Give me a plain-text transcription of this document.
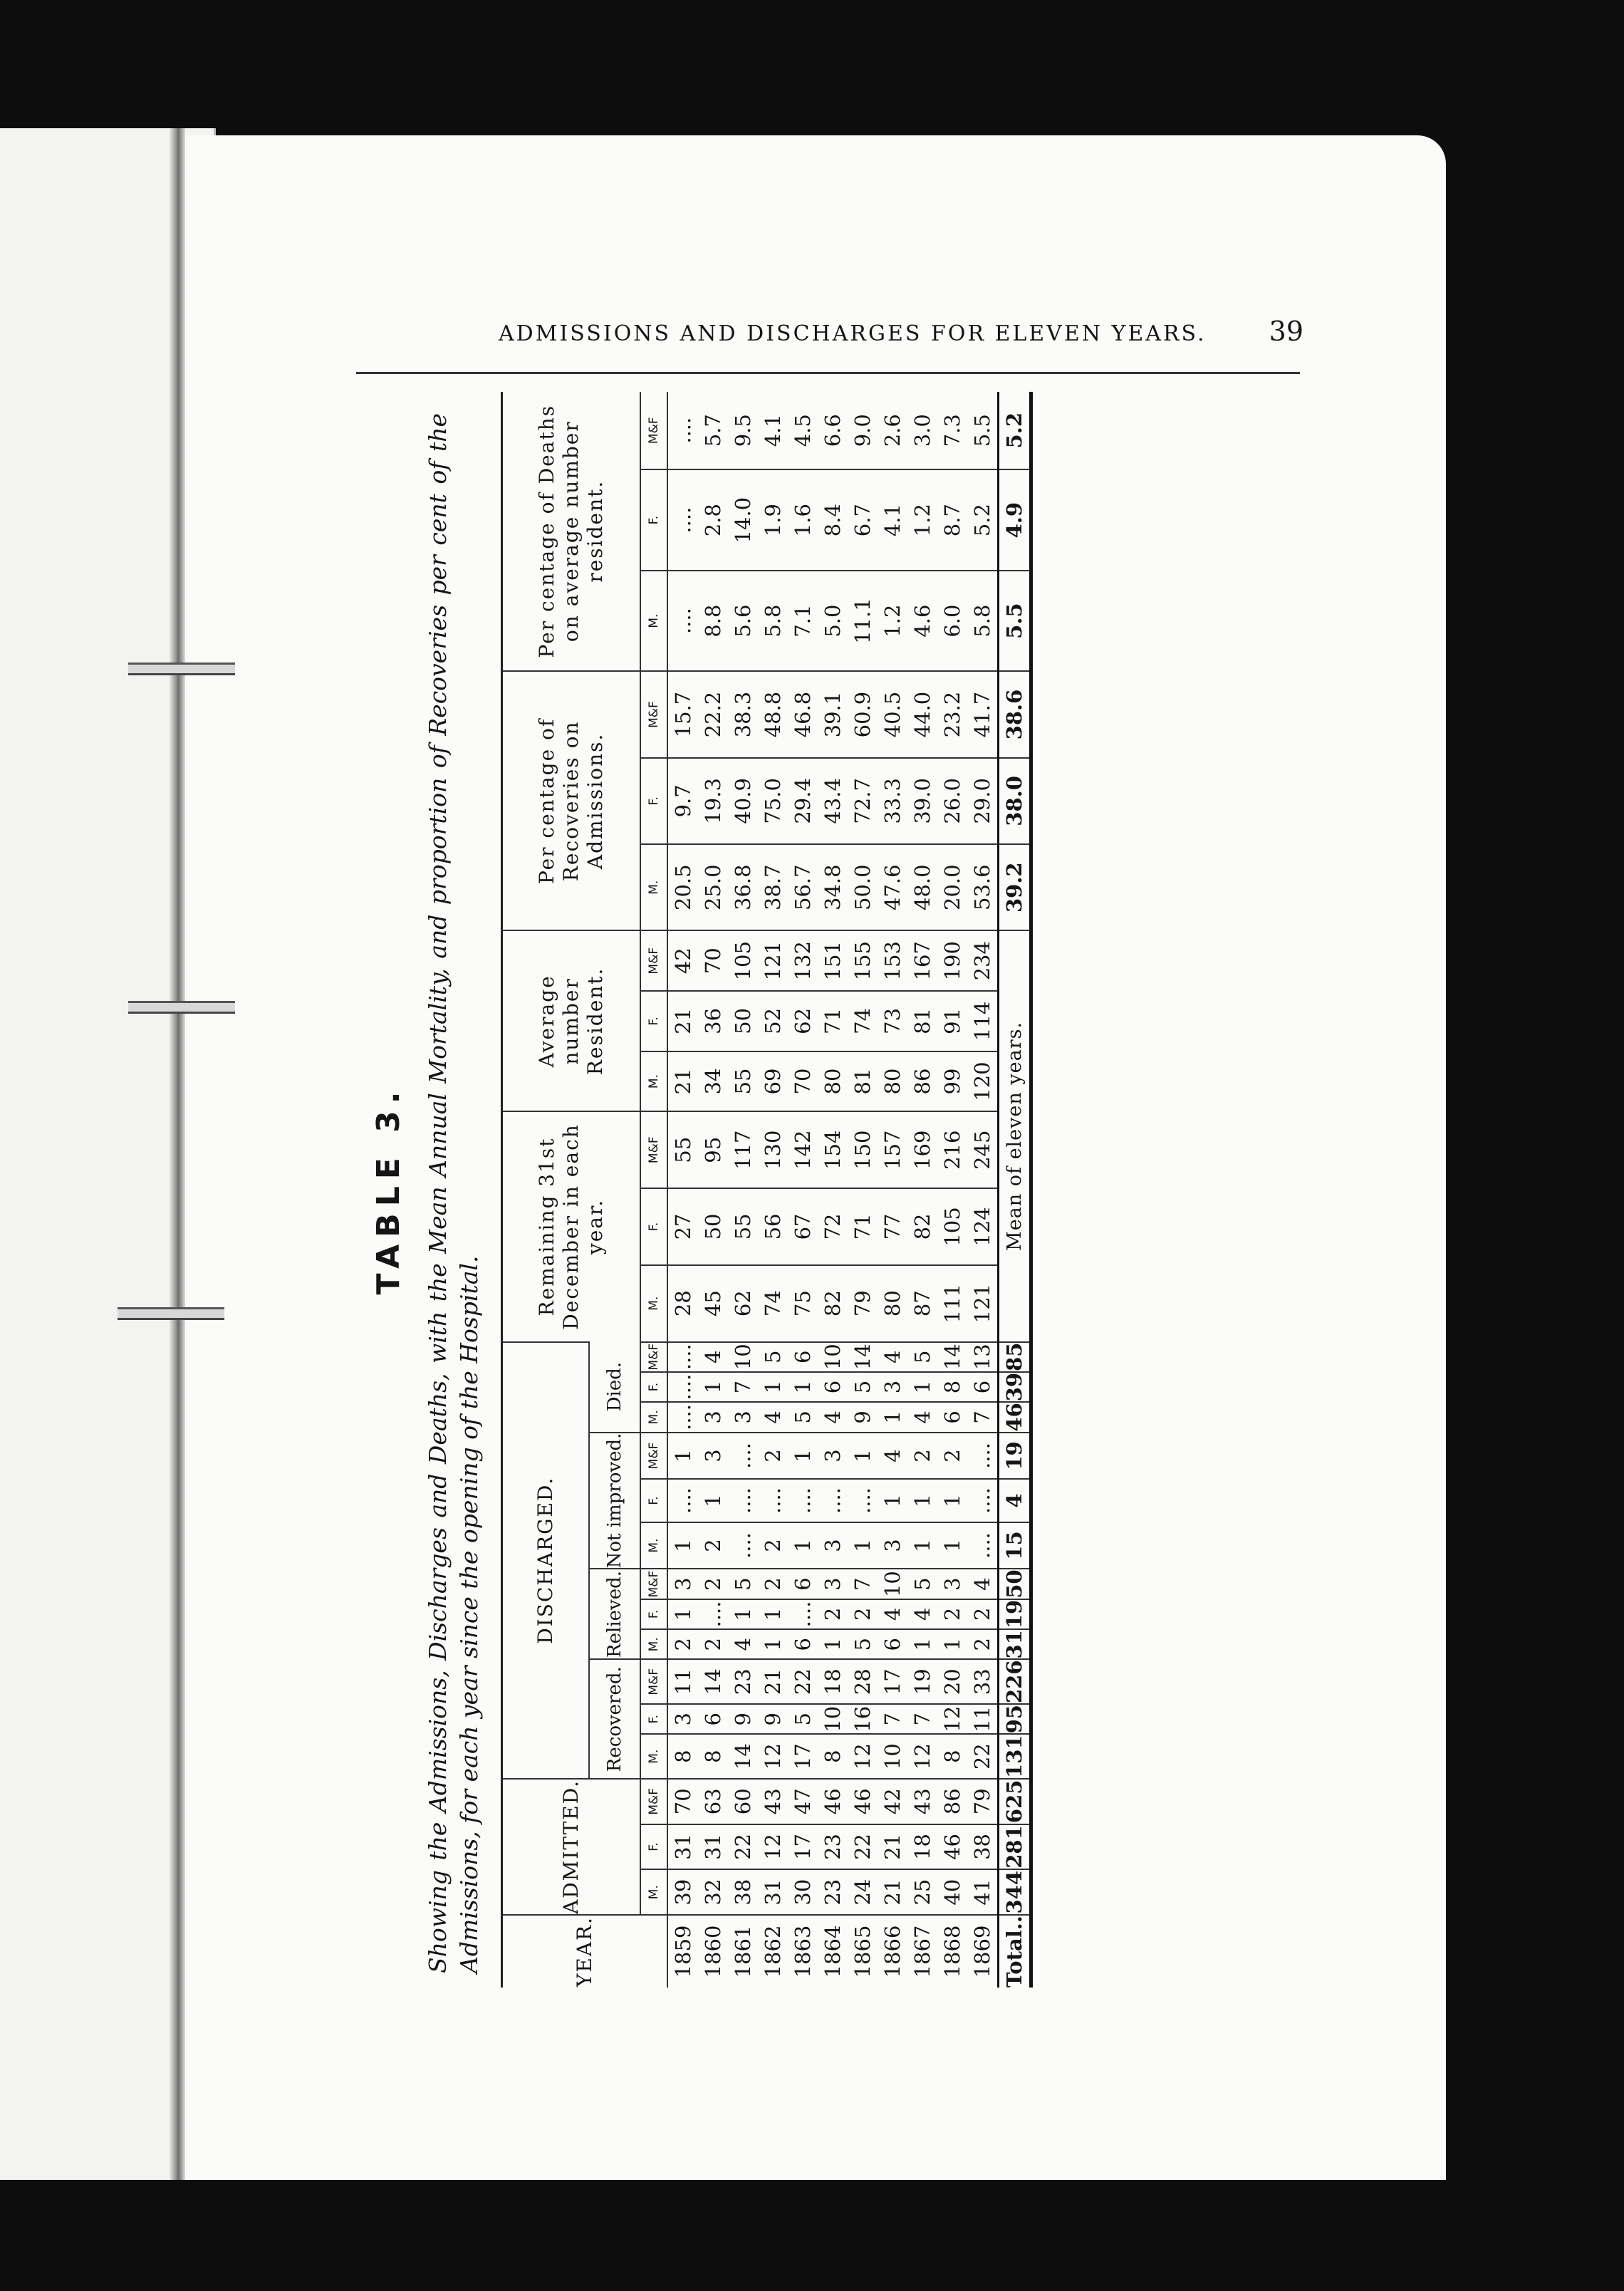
ADMISSIONS AND DISCHARGES FOR ELEVEN YEARS. 39
TABLE 3. Showing the Admissions, Discharges and Deaths, with the Mean Annual Mortality, and proportion of Recoveries per cent of the Admissions, for each year since the opening of the Hospital.	YEAR.	ADMITTED.			DISCHARGED.												Remaining 31st December in each year.			Average number Resident.			Per centage of Recoveries on Admissions.			Per centage of Deaths on average number resident.		
				Recovered.			Relieved.			Not improved.			Died.														
	M.	F.	M&F	M.	F.	M&F	M.	F.	M&F	M.	F.	M&F	M.	F.	M&F	M.	F.	M&F	M.	F.	M&F	M.	F.	M&F	M.	F.	M&F
1859	39	31	70	8	3	11	2	1	3	1	....	1	....	....	....	28	27	55	21	21	42	20.5	9.7	15.7	....	....	....
1860	32	31	63	8	6	14	2	....	2	2	1	3	3	1	4	45	50	95	34	36	70	25.0	19.3	22.2	8.8	2.8	5.7
1861	38	22	60	14	9	23	4	1	5	....	....	....	3	7	10	62	55	117	55	50	105	36.8	40.9	38.3	5.6	14.0	9.5
1862	31	12	43	12	9	21	1	1	2	2	....	2	4	1	5	74	56	130	69	52	121	38.7	75.0	48.8	5.8	1.9	4.1
1863	30	17	47	17	5	22	6	....	6	1	....	1	5	1	6	75	67	142	70	62	132	56.7	29.4	46.8	7.1	1.6	4.5
1864	23	23	46	8	10	18	1	2	3	3	....	3	4	6	10	82	72	154	80	71	151	34.8	43.4	39.1	5.0	8.4	6.6
1865	24	22	46	12	16	28	5	2	7	1	....	1	9	5	14	79	71	150	81	74	155	50.0	72.7	60.9	11.1	6.7	9.0
1866	21	21	42	10	7	17	6	4	10	3	1	4	1	3	4	80	77	157	80	73	153	47.6	33.3	40.5	1.2	4.1	2.6
1867	25	18	43	12	7	19	1	4	5	1	1	2	4	1	5	87	82	169	86	81	167	48.0	39.0	44.0	4.6	1.2	3.0
1868	40	46	86	8	12	20	1	2	3	1	1	2	6	8	14	111	105	216	99	91	190	20.0	26.0	23.2	6.0	8.7	7.3
1869	41	38	79	22	11	33	2	2	4	....	....	....	7	6	13	121	124	245	120	114	234	53.6	29.0	41.7	5.8	5.2	5.5
Total..	344	281	625	131	95	226	31	19	50	15	4	19	46	39	85	Mean of eleven years.						39.2	38.0	38.6	5.5	4.9	5.2
